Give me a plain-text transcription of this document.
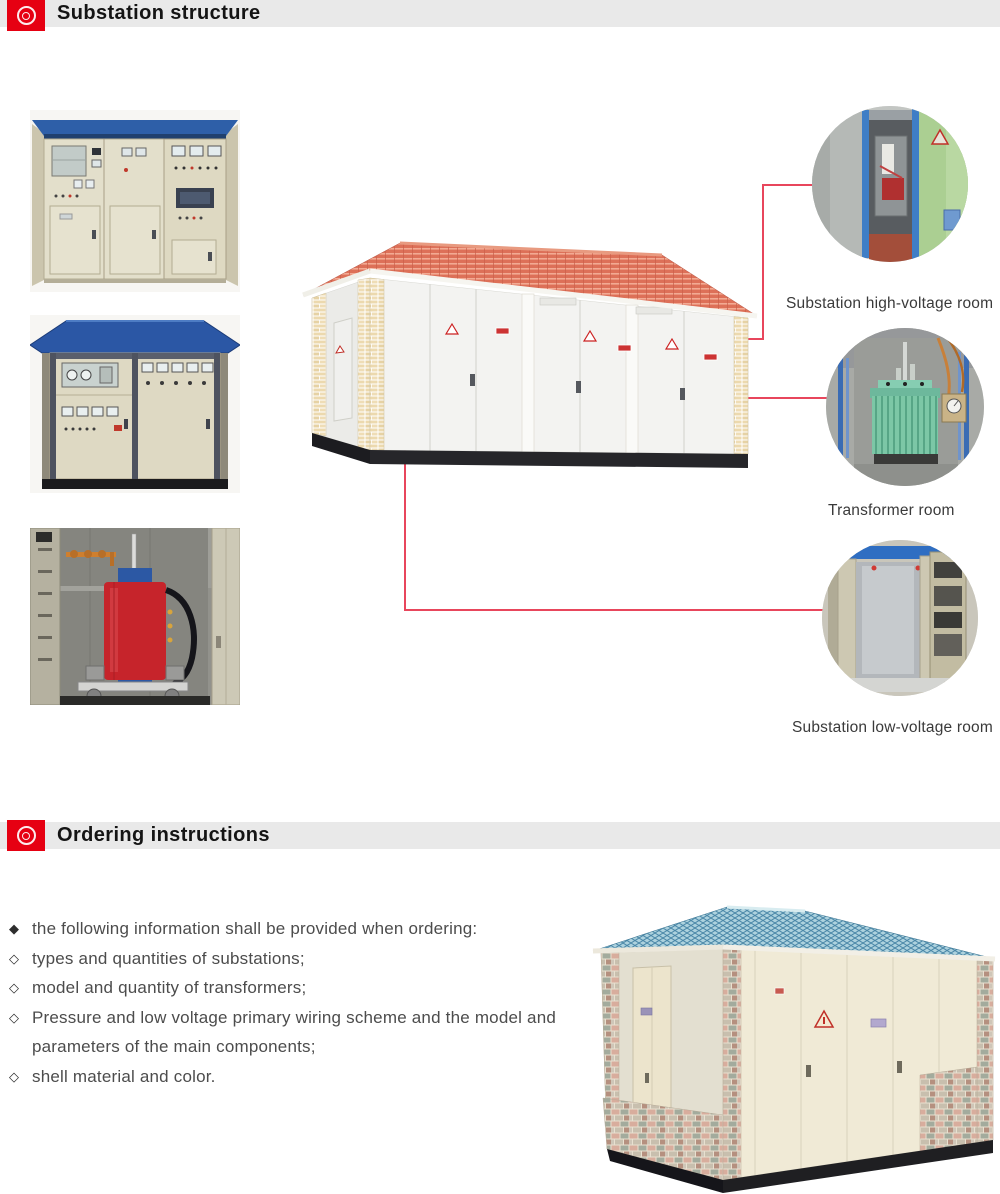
Substation structure
Substation high-voltage room
Transformer room
Substation low-voltage room
Ordering instructions
◆ the following information shall be provided when ordering:
◇ types and quantities of substations;
◇ model and quantity of transformers;
◇ Pressure and low voltage primary wiring scheme and the model and parameters of the main components;
◇ shell material and color.
